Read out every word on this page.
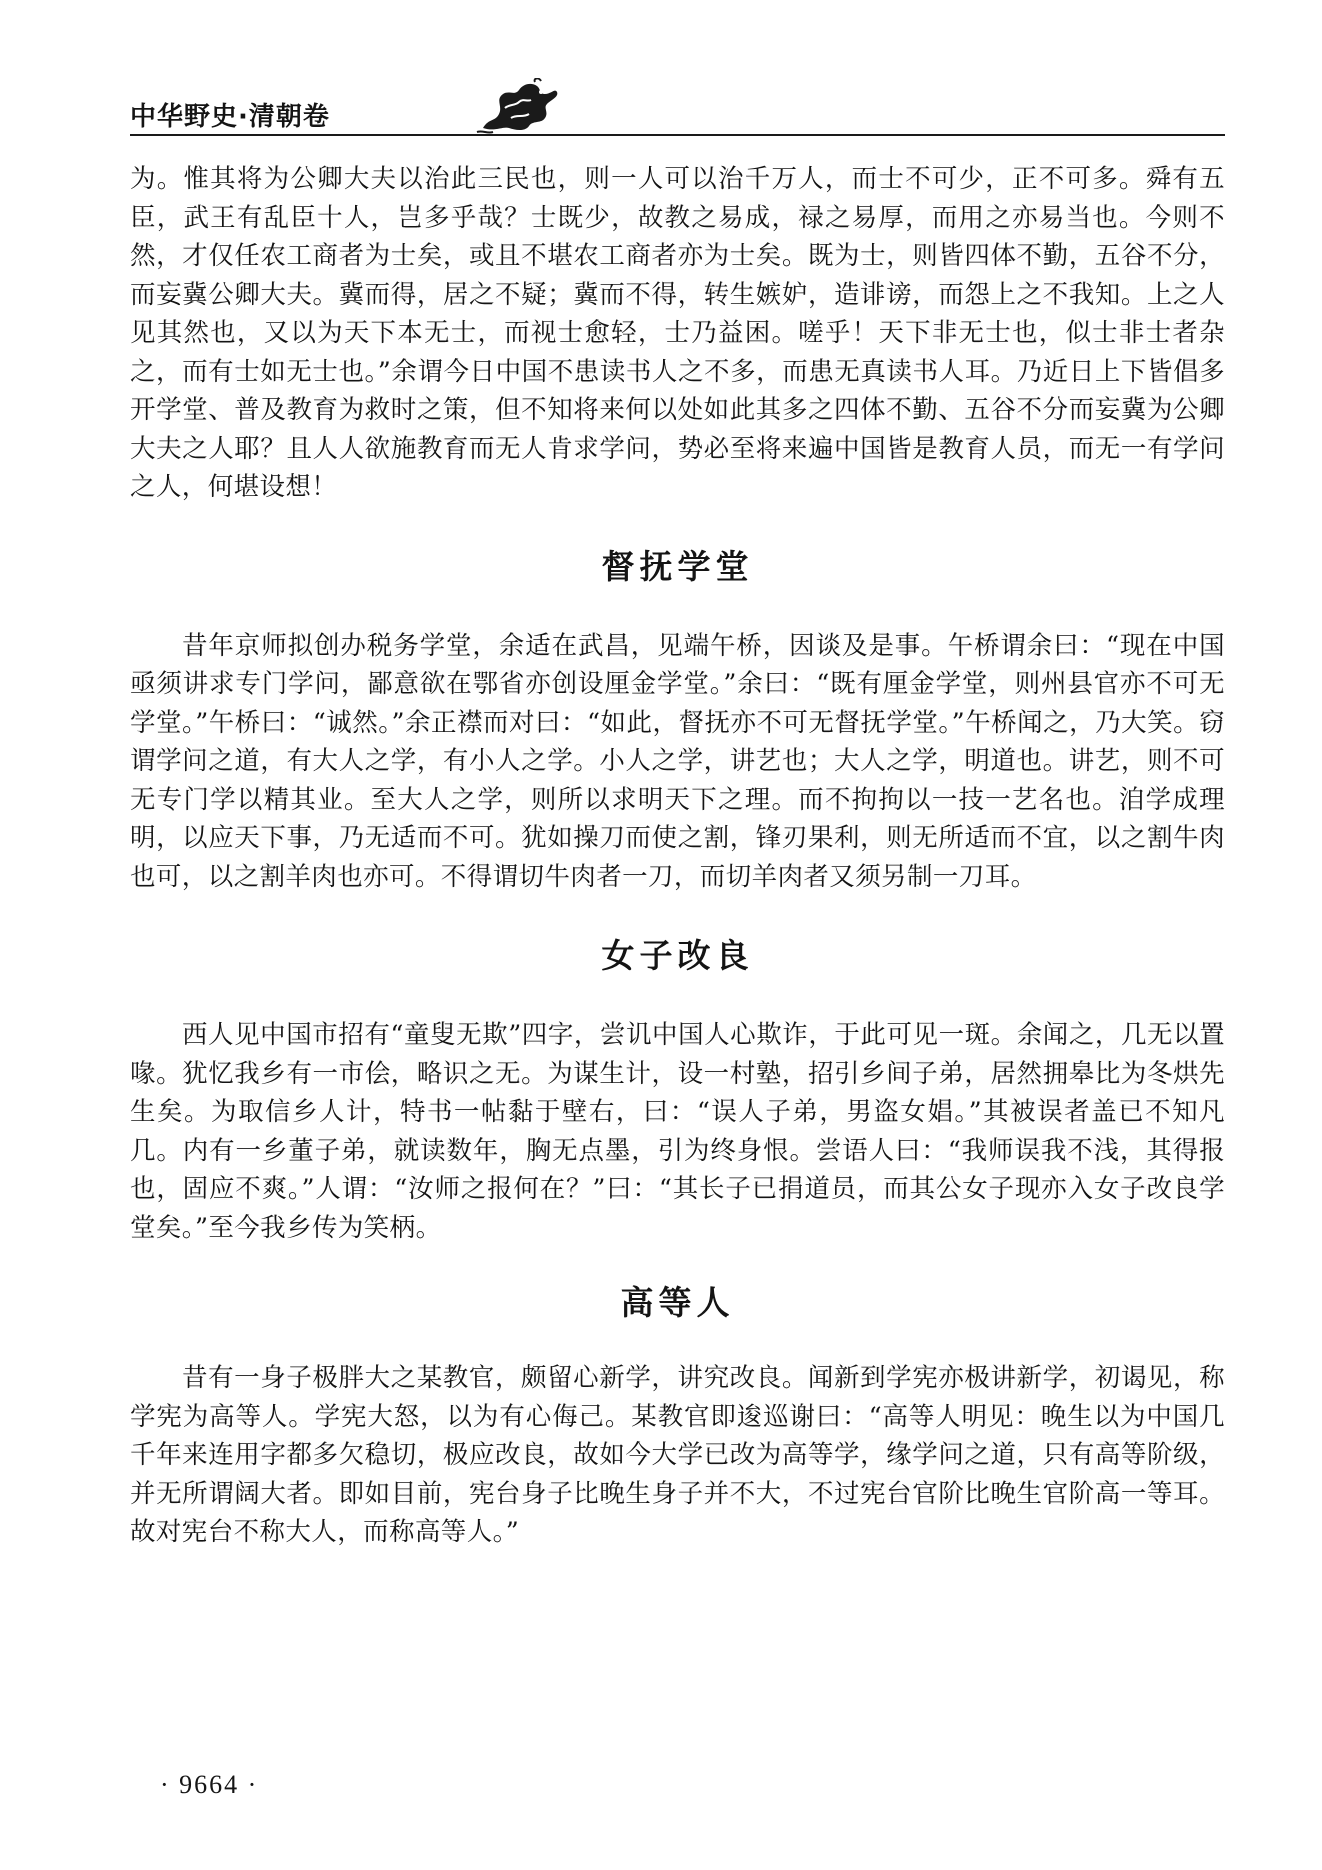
中华野史·清朝卷

为。惟其将为公卿大夫以治此三民也，则一人可以治千万人，而士不可少，正不可多。舜有五臣，武王有乱臣十人，岂多乎哉？士既少，故教之易成，禄之易厚，而用之亦易当也。今则不然，才仅任农工商者为士矣，或且不堪农工商者亦为士矣。既为士，则皆四体不勤，五谷不分，而妄冀公卿大夫。冀而得，居之不疑；冀而不得，转生嫉妒，造诽谤，而怨上之不我知。上之人见其然也，又以为天下本无士，而视士愈轻，士乃益困。嗟乎！天下非无士也，似士非士者杂之，而有士如无士也。”余谓今日中国不患读书人之不多，而患无真读书人耳。乃近日上下皆倡多开学堂、普及教育为救时之策，但不知将来何以处如此其多之四体不勤、五谷不分而妄冀为公卿大夫之人耶？且人人欲施教育而无人肯求学问，势必至将来遍中国皆是教育人员，而无一有学问之人，何堪设想！

督抚学堂

昔年京师拟创办税务学堂，余适在武昌，见端午桥，因谈及是事。午桥谓余曰：“现在中国亟须讲求专门学问，鄙意欲在鄂省亦创设厘金学堂。”余曰：“既有厘金学堂，则州县官亦不可无学堂。”午桥曰：“诚然。”余正襟而对曰：“如此，督抚亦不可无督抚学堂。”午桥闻之，乃大笑。窃谓学问之道，有大人之学，有小人之学。小人之学，讲艺也；大人之学，明道也。讲艺，则不可无专门学以精其业。至大人之学，则所以求明天下之理。而不拘拘以一技一艺名也。洎学成理明，以应天下事，乃无适而不可。犹如操刀而使之割，锋刃果利，则无所适而不宜，以之割牛肉也可，以之割羊肉也亦可。不得谓切牛肉者一刀，而切羊肉者又须另制一刀耳。

女子改良

西人见中国市招有“童叟无欺”四字，尝讥中国人心欺诈，于此可见一斑。余闻之，几无以置喙。犹忆我乡有一市侩，略识之无。为谋生计，设一村塾，招引乡间子弟，居然拥皋比为冬烘先生矣。为取信乡人计，特书一帖黏于壁右，曰：“误人子弟，男盗女娼。”其被误者盖已不知凡几。内有一乡董子弟，就读数年，胸无点墨，引为终身恨。尝语人曰：“我师误我不浅，其得报也，固应不爽。”人谓：“汝师之报何在？”曰：“其长子已捐道员，而其公女子现亦入女子改良学堂矣。”至今我乡传为笑柄。

高等人

昔有一身子极胖大之某教官，颇留心新学，讲究改良。闻新到学宪亦极讲新学，初谒见，称学宪为高等人。学宪大怒，以为有心侮己。某教官即逡巡谢曰：“高等人明见：晚生以为中国几千年来连用字都多欠稳切，极应改良，故如今大学已改为高等学，缘学问之道，只有高等阶级，并无所谓阔大者。即如目前，宪台身子比晚生身子并不大，不过宪台官阶比晚生官阶高一等耳。故对宪台不称大人，而称高等人。”

· 9664 ·
